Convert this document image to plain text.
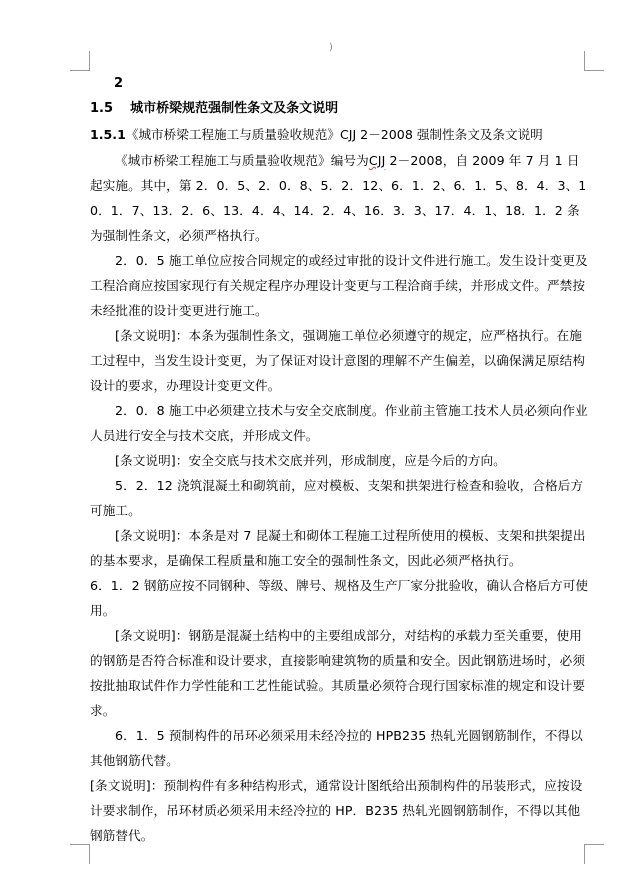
)

2

1.5 城市桥梁规范强制性条文及条文说明

1.5.1《城市桥梁工程施工与质量验收规范》CJJ 2－2008 强制性条文及条文说明

《城市桥梁工程施工与质量验收规范》编号为CJJ 2－2008，自 2009 年 7 月 1 日起实施。其中，第 2．0．5、2．0．8、5．2．12、6．1．2、6．1．5、8．4．3、10．1．7、13．2．6、13．4．4、14．2．4、16．3．3、17．4．1、18．1．2 条为强制性条文，必须严格执行。

2．0．5 施工单位应按合同规定的或经过审批的设计文件进行施工。发生设计变更及工程洽商应按国家现行有关规定程序办理设计变更与工程洽商手续，并形成文件。严禁按未经批准的设计变更进行施工。

[条文说明]：本条为强制性条文，强调施工单位必须遵守的规定，应严格执行。在施工过程中，当发生设计变更，为了保证对设计意图的理解不产生偏差，以确保满足原结构设计的要求，办理设计变更文件。

2．0．8 施工中必须建立技术与安全交底制度。作业前主管施工技术人员必须向作业人员进行安全与技术交底，并形成文件。

[条文说明]：安全交底与技术交底并列，形成制度，应是今后的方向。

5．2．12 浇筑混凝土和砌筑前，应对模板、支架和拱架进行检查和验收，合格后方可施工。

[条文说明]：本条是对 7 昆凝土和砌体工程施工过程所使用的模板、支架和拱架提出的基本要求，是确保工程质量和施工安全的强制性条文，因此必须严格执行。

6．1．2 钢筋应按不同钢种、等级、牌号、规格及生产厂家分批验收，确认合格后方可使用。

[条文说明]：钢筋是混凝土结构中的主要组成部分，对结构的承载力至关重要，使用的钢筋是否符合标准和设计要求，直接影响建筑物的质量和安全。因此钢筋进场时，必须按批抽取试件作力学性能和工艺性能试验。其质量必须符合现行国家标准的规定和设计要求。

6．1．5 预制构件的吊环必须采用未经冷拉的 HPB235 热轧光圆钢筋制作，不得以其他钢筋代替。

[条文说明]：预制构件有多种结构形式，通常设计图纸给出预制构件的吊装形式，应按设计要求制作，吊环材质必须采用未经冷拉的 HP．B235 热轧光圆钢筋制作，不得以其他钢筋替代。
